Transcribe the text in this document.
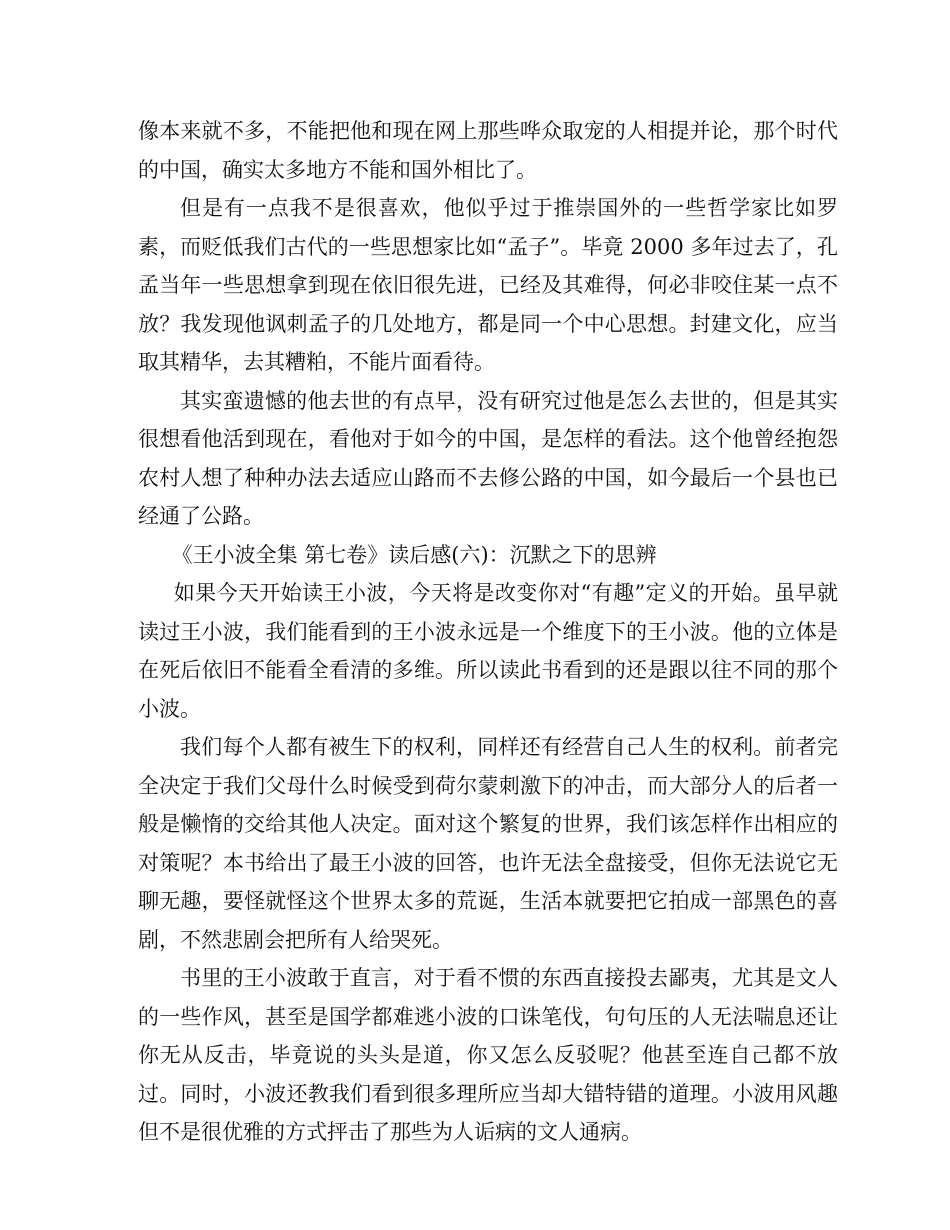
像本来就不多，不能把他和现在网上那些哗众取宠的人相提并论，那个时代的中国，确实太多地方不能和国外相比了。

但是有一点我不是很喜欢，他似乎过于推崇国外的一些哲学家比如罗素，而贬低我们古代的一些思想家比如“孟子”。毕竟 2000 多年过去了，孔孟当年一些思想拿到现在依旧很先进，已经及其难得，何必非咬住某一点不放？我发现他讽刺孟子的几处地方，都是同一个中心思想。封建文化，应当取其精华，去其糟粕，不能片面看待。

其实蛮遗憾的他去世的有点早，没有研究过他是怎么去世的，但是其实很想看他活到现在，看他对于如今的中国，是怎样的看法。这个他曾经抱怨农村人想了种种办法去适应山路而不去修公路的中国，如今最后一个县也已经通了公路。

《王小波全集 第七卷》读后感(六)：沉默之下的思辨

如果今天开始读王小波，今天将是改变你对“有趣”定义的开始。虽早就读过王小波，我们能看到的王小波永远是一个维度下的王小波。他的立体是在死后依旧不能看全看清的多维。所以读此书看到的还是跟以往不同的那个小波。

我们每个人都有被生下的权利，同样还有经营自己人生的权利。前者完全决定于我们父母什么时候受到荷尔蒙刺激下的冲击，而大部分人的后者一般是懒惰的交给其他人决定。面对这个繁复的世界，我们该怎样作出相应的对策呢？本书给出了最王小波的回答，也许无法全盘接受，但你无法说它无聊无趣，要怪就怪这个世界太多的荒诞，生活本就要把它拍成一部黑色的喜剧，不然悲剧会把所有人给哭死。

书里的王小波敢于直言，对于看不惯的东西直接投去鄙夷，尤其是文人的一些作风，甚至是国学都难逃小波的口诛笔伐，句句压的人无法喘息还让你无从反击，毕竟说的头头是道，你又怎么反驳呢？他甚至连自己都不放过。同时，小波还教我们看到很多理所应当却大错特错的道理。小波用风趣但不是很优雅的方式抨击了那些为人诟病的文人通病。
